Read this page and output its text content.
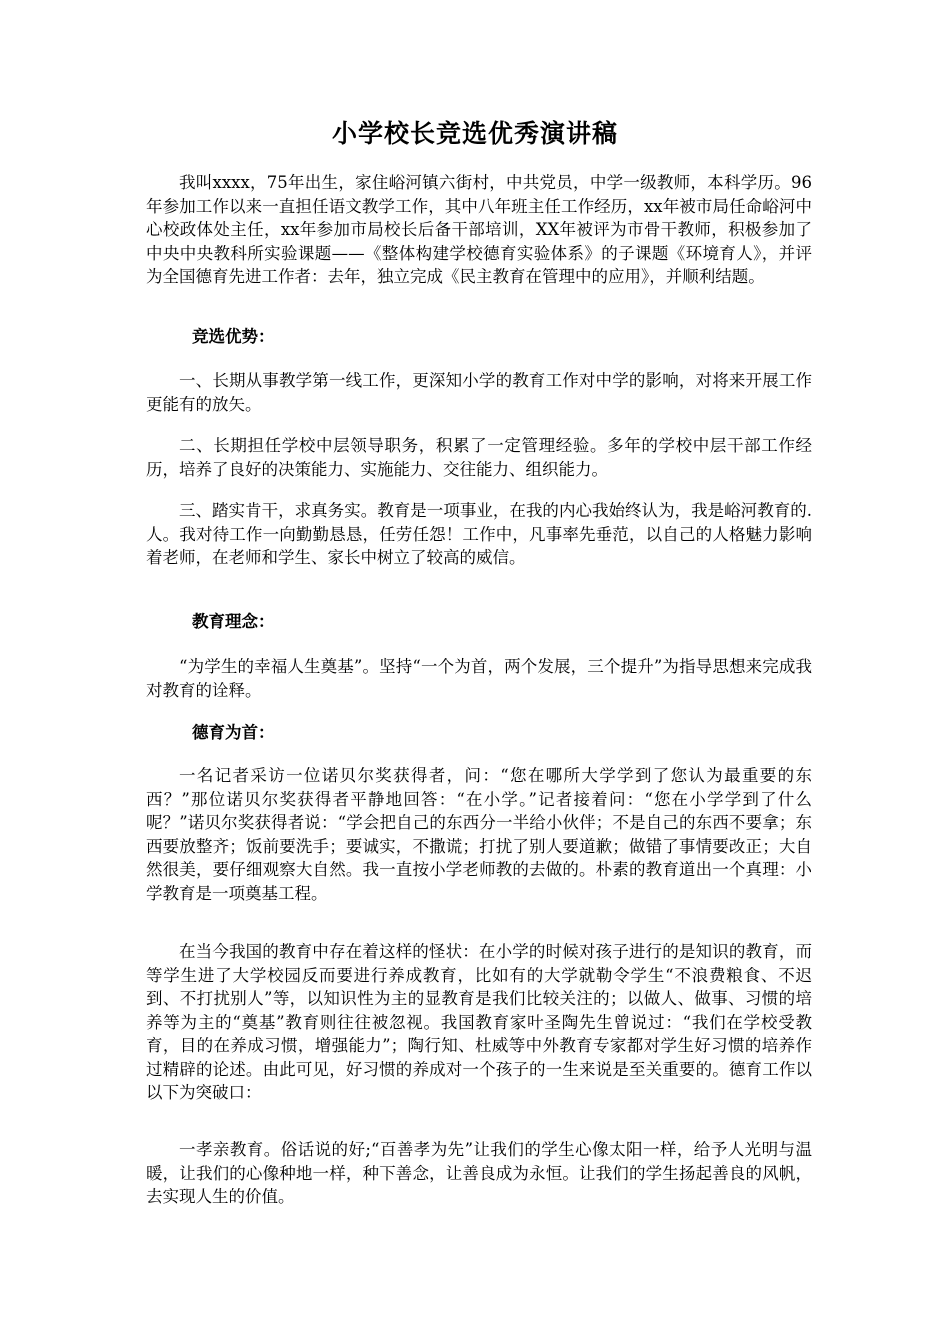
小学校长竞选优秀演讲稿
我叫xxxx，75年出生，家住峪河镇六街村，中共党员，中学一级教师，本科学历。96年参加工作以来一直担任语文教学工作，其中八年班主任工作经历，xx年被市局任命峪河中心校政体处主任，xx年参加市局校长后备干部培训，XX年被评为市骨干教师，积极参加了中央中央教科所实验课题——《整体构建学校德育实验体系》的子课题《环境育人》，并评为全国德育先进工作者：去年，独立完成《民主教育在管理中的应用》，并顺利结题。
竞选优势：
一、长期从事教学第一线工作，更深知小学的教育工作对中学的影响，对将来开展工作更能有的放矢。
二、长期担任学校中层领导职务，积累了一定管理经验。多年的学校中层干部工作经历，培养了良好的决策能力、实施能力、交往能力、组织能力。
三、踏实肯干，求真务实。教育是一项事业，在我的内心我始终认为，我是峪河教育的.人。我对待工作一向勤勤恳恳，任劳任怨！工作中，凡事率先垂范，以自己的人格魅力影响着老师，在老师和学生、家长中树立了较高的威信。
教育理念：
“为学生的幸福人生奠基”。坚持“一个为首，两个发展，三个提升”为指导思想来完成我对教育的诠释。
德育为首：
一名记者采访一位诺贝尔奖获得者，问：“您在哪所大学学到了您认为最重要的东西？”那位诺贝尔奖获得者平静地回答：“在小学。”记者接着问：“您在小学学到了什么呢？”诺贝尔奖获得者说：“学会把自己的东西分一半给小伙伴；不是自己的东西不要拿；东西要放整齐；饭前要洗手；要诚实，不撒谎；打扰了别人要道歉；做错了事情要改正；大自然很美，要仔细观察大自然。我一直按小学老师教的去做的。朴素的教育道出一个真理：小学教育是一项奠基工程。
在当今我国的教育中存在着这样的怪状：在小学的时候对孩子进行的是知识的教育，而等学生进了大学校园反而要进行养成教育，比如有的大学就勒令学生“不浪费粮食、不迟到、不打扰别人”等，以知识性为主的显教育是我们比较关注的；以做人、做事、习惯的培养等为主的“奠基”教育则往往被忽视。我国教育家叶圣陶先生曾说过：“我们在学校受教育，目的在养成习惯，增强能力”；陶行知、杜威等中外教育专家都对学生好习惯的培养作过精辟的论述。由此可见，好习惯的养成对一个孩子的一生来说是至关重要的。德育工作以以下为突破口：
一孝亲教育。俗话说的好;“百善孝为先”让我们的学生心像太阳一样，给予人光明与温暖，让我们的心像种地一样，种下善念，让善良成为永恒。让我们的学生扬起善良的风帆，去实现人生的价值。
